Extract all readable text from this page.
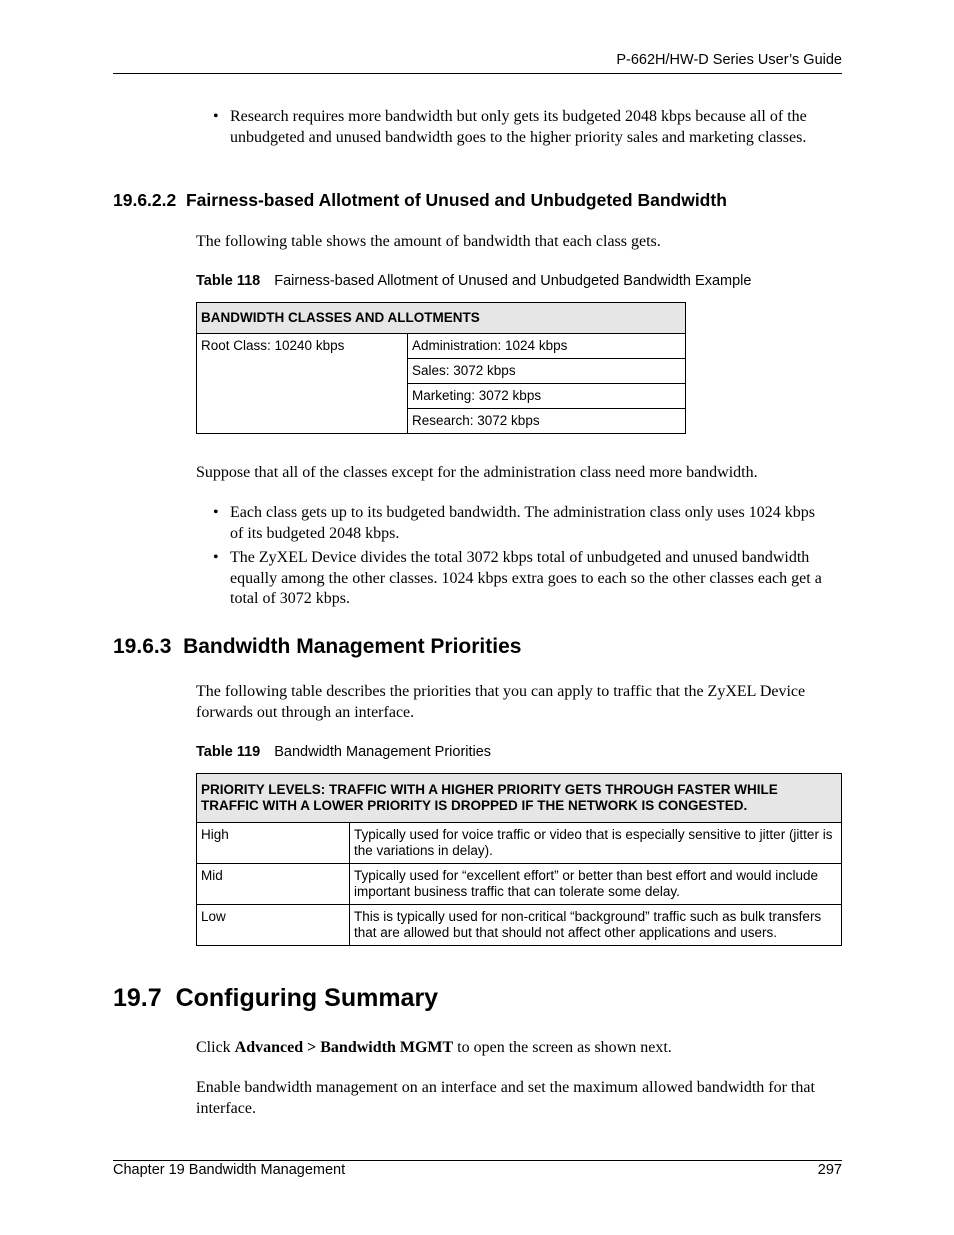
P-662H/HW-D Series User’s Guide
• Research requires more bandwidth but only gets its budgeted 2048 kbps because all of the unbudgeted and unused bandwidth goes to the higher priority sales and marketing classes.
19.6.2.2 Fairness-based Allotment of Unused and Unbudgeted Bandwidth
The following table shows the amount of bandwidth that each class gets.
Table 118 Fairness-based Allotment of Unused and Unbudgeted Bandwidth Example
BANDWIDTH CLASSES AND ALLOTMENTS
Root Class: 10240 kbps	Administration: 1024 kbps
Sales: 3072 kbps
Marketing: 3072 kbps
Research: 3072 kbps
Suppose that all of the classes except for the administration class need more bandwidth.
• Each class gets up to its budgeted bandwidth. The administration class only uses 1024 kbps of its budgeted 2048 kbps.
• The ZyXEL Device divides the total 3072 kbps total of unbudgeted and unused bandwidth equally among the other classes. 1024 kbps extra goes to each so the other classes each get a total of 3072 kbps.
19.6.3 Bandwidth Management Priorities
The following table describes the priorities that you can apply to traffic that the ZyXEL Device forwards out through an interface.
Table 119 Bandwidth Management Priorities
PRIORITY LEVELS: TRAFFIC WITH A HIGHER PRIORITY GETS THROUGH FASTER WHILE TRAFFIC WITH A LOWER PRIORITY IS DROPPED IF THE NETWORK IS CONGESTED.	
High	Typically used for voice traffic or video that is especially sensitive to jitter (jitter is the variations in delay).
Mid	Typically used for “excellent effort” or better than best effort and would include important business traffic that can tolerate some delay.
Low	This is typically used for non-critical “background” traffic such as bulk transfers that are allowed but that should not affect other applications and users.
19.7 Configuring Summary
Click Advanced > Bandwidth MGMT to open the screen as shown next.
Enable bandwidth management on an interface and set the maximum allowed bandwidth for that interface.
Chapter 19 Bandwidth Management	297
